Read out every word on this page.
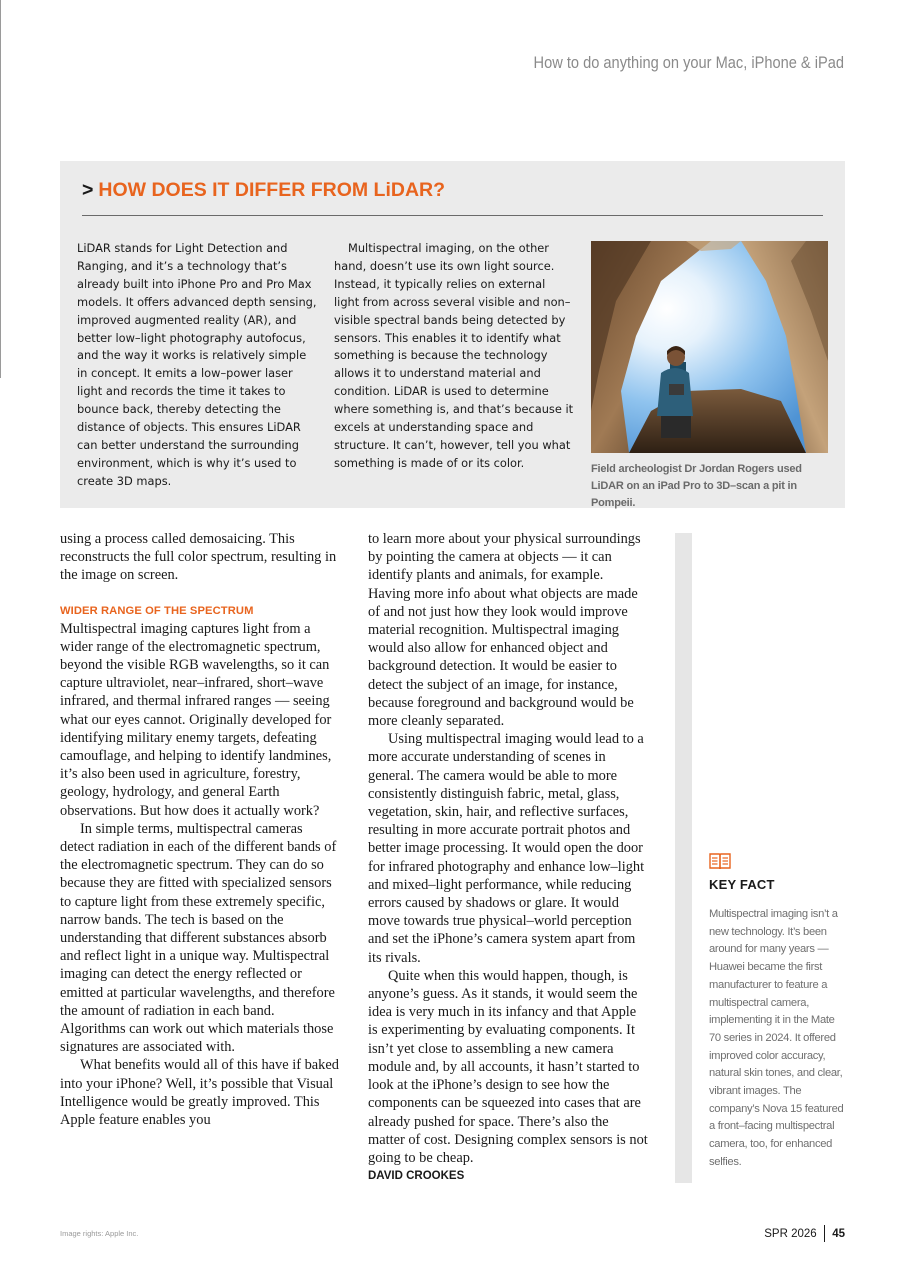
How to do anything on your Mac, iPhone & iPad
> HOW DOES IT DIFFER FROM LiDAR?

LiDAR stands for Light Detection and Ranging, and it’s a technology that’s already built into iPhone Pro and Pro Max models. It offers advanced depth sensing, improved augmented reality (AR), and better low–light photography autofocus, and the way it works is relatively simple in concept. It emits a low–power laser light and records the time it takes to bounce back, thereby detecting the distance of objects. This ensures LiDAR can better understand the surrounding environment, which is why it’s used to create 3D maps.

Multispectral imaging, on the other hand, doesn’t use its own light source. Instead, it typically relies on external light from across several visible and non–visible spectral bands being detected by sensors. This enables it to identify what something is because the technology allows it to understand material and condition. LiDAR is used to determine where something is, and that’s because it excels at understanding space and structure. It can’t, however, tell you what something is made of or its color.	Field archeologist Dr Jordan Rogers used LiDAR on an iPad Pro to 3D–scan a pit in Pompeii.

using a process called demosaicing. This reconstructs the full color spectrum, resulting in the image on screen.

WIDER RANGE OF THE SPECTRUM

Multispectral imaging captures light from a wider range of the electromagnetic spectrum, beyond the visible RGB wavelengths, so it can capture ultraviolet, near–infrared, short–wave infrared, and thermal infrared ranges — seeing what our eyes cannot. Originally developed for identifying military enemy targets, defeating camouflage, and helping to identify landmines, it’s also been used in agriculture, forestry, geology, hydrology, and general Earth observations. But how does it actually work?

In simple terms, multispectral cameras detect radiation in each of the different bands of the electromagnetic spectrum. They can do so because they are fitted with specialized sensors to capture light from these extremely specific, narrow bands. The tech is based on the understanding that different substances absorb and reflect light in a unique way. Multispectral imaging can detect the energy reflected or emitted at particular wavelengths, and therefore the amount of radiation in each band. Algorithms can work out which materials those signatures are associated with.

What benefits would all of this have if baked into your iPhone? Well, it’s possible that Visual Intelligence would be greatly improved. This Apple feature enables you

to learn more about your physical surroundings by pointing the camera at objects — it can identify plants and animals, for example. Having more info about what objects are made of and not just how they look would improve material recognition. Multispectral imaging would also allow for enhanced object and background detection. It would be easier to detect the subject of an image, for instance, because foreground and background would be more cleanly separated.

Using multispectral imaging would lead to a more accurate understanding of scenes in general. The camera would be able to more consistently distinguish fabric, metal, glass, vegetation, skin, hair, and reflective surfaces, resulting in more accurate portrait photos and better image processing. It would open the door for infrared photography and enhance low–light and mixed–light performance, while reducing errors caused by shadows or glare. It would move towards true physical–world perception and set the iPhone’s camera system apart from its rivals.

Quite when this would happen, though, is anyone’s guess. As it stands, it would seem the idea is very much in its infancy and that Apple is experimenting by evaluating components. It isn’t yet close to assembling a new camera module and, by all accounts, it hasn’t started to look at the iPhone’s design to see how the components can be squeezed into cases that are already pushed for space. There’s also the matter of cost. Designing complex sensors is not going to be cheap.

DAVID CROOKES
KEY FACT
Multispectral imaging isn’t a new technology. It’s been around for many years — Huawei became the first manufacturer to feature a multispectral camera, implementing it in the Mate 70 series in 2024. It offered improved color accuracy, natural skin tones, and clear, vibrant images. The company’s Nova 15 featured a front–facing multispectral camera, too, for enhanced selfies.
Image rights: Apple Inc.	SPR 2026 45
